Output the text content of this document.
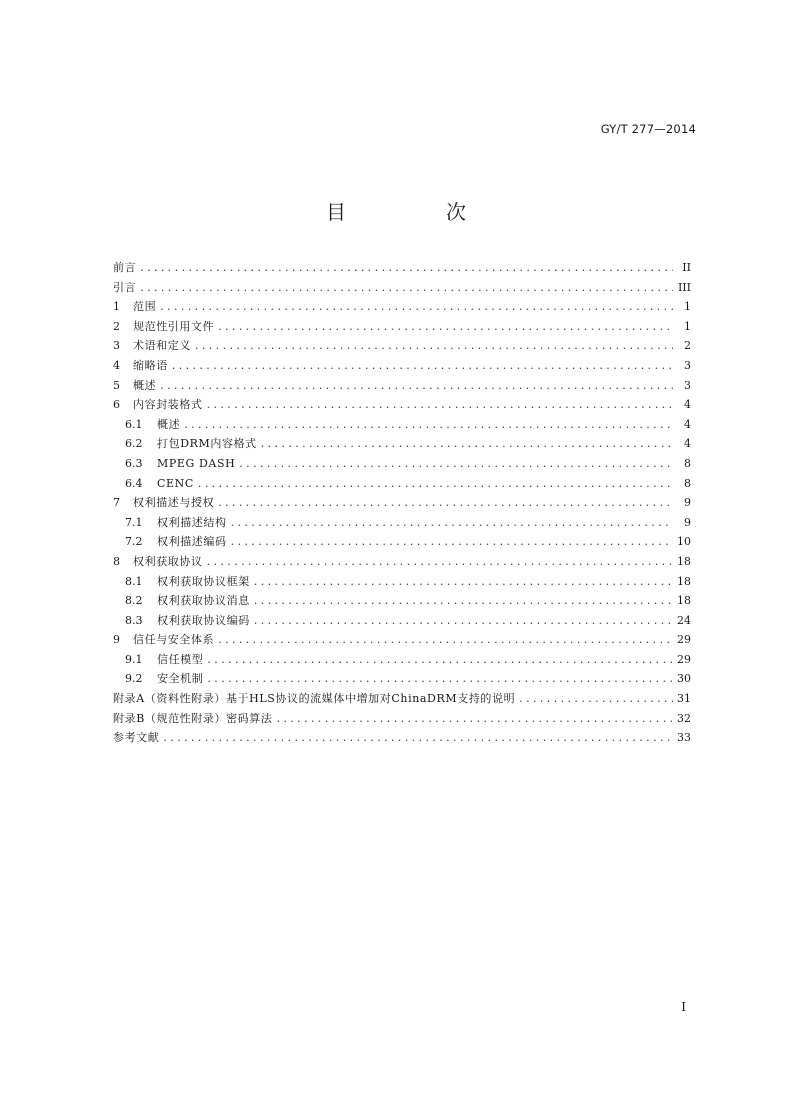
GY/T 277—2014
目　次
前言 .....	II
引言 .....	III
1	范围 .....	1
2	规范性引用文件 .....	1
3	术语和定义 .....	2
4	缩略语 .....	3
5	概述 .....	3
6	内容封装格式 .....	4
6.1	概述 .....	4
6.2	打包DRM内容格式 .....	4
6.3	MPEG DASH .....	8
6.4	CENC .....	8
7	权利描述与授权 .....	9
7.1	权利描述结构 .....	9
7.2	权利描述编码 .....	10
8	权利获取协议 .....	18
8.1	权利获取协议框架 .....	18
8.2	权利获取协议消息 .....	18
8.3	权利获取协议编码 .....	24
9	信任与安全体系 .....	29
9.1	信任模型 .....	29
9.2	安全机制 .....	30
附录A（资料性附录）基于HLS协议的流媒体中增加对ChinaDRM支持的说明 .....	31
附录B（规范性附录）密码算法 .....	32
参考文献 .....	33
I
